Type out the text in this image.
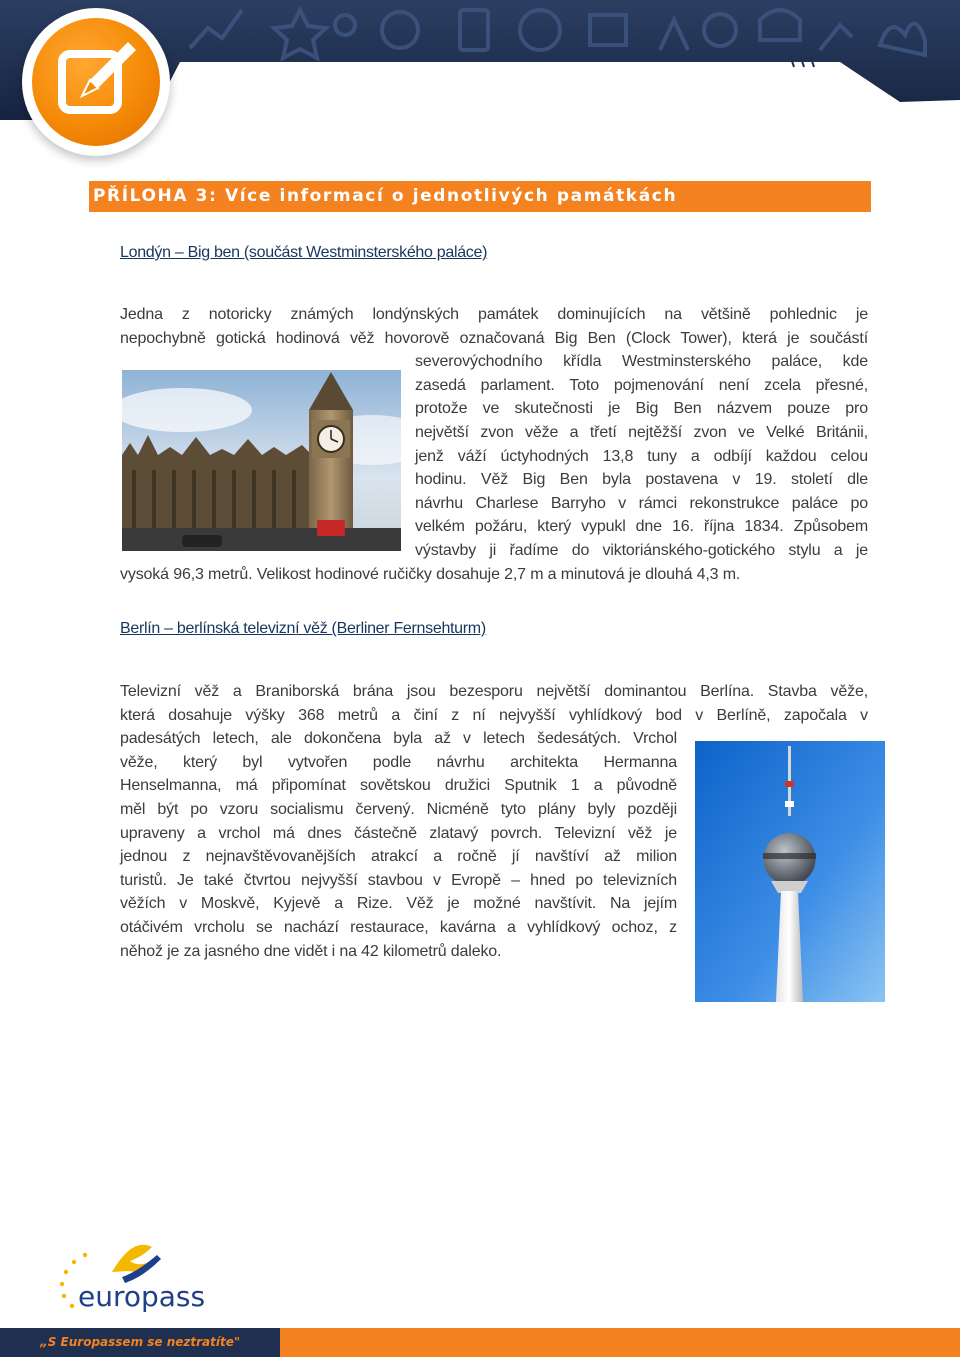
PŘÍLOHA 3: Více informací o jednotlivých památkách
Londýn – Big ben (součást Westminsterského paláce)
Jedna z notoricky známých londýnských památek dominujících na většině pohlednic je
nepochybně gotická hodinová věž hovorově označovaná Big Ben (Clock Tower), která je součástí
severovýchodního křídla Westminsterského paláce, kde
zasedá parlament. Toto pojmenování není zcela přesné,
protože ve skutečnosti je Big Ben názvem pouze pro
největší zvon věže a třetí nejtěžší zvon ve Velké Británii,
jenž váží úctyhodných 13,8 tuny a odbíjí každou celou
hodinu. Věž Big Ben byla postavena v 19. století dle
návrhu Charlese Barryho v rámci rekonstrukce paláce po
velkém požáru, který vypukl dne 16. října 1834. Způsobem
výstavby ji řadíme do viktoriánského-gotického stylu a je
vysoká 96,3 metrů. Velikost hodinové ručičky dosahuje 2,7 m a minutová je dlouhá 4,3 m.
Berlín – berlínská televizní věž (Berliner Fernsehturm)
Televizní věž a Braniborská brána jsou bezesporu největší dominantou Berlína. Stavba věže,
která dosahuje výšky 368 metrů a činí z ní nejvyšší vyhlídkový bod v Berlíně, započala v
padesátých letech, ale dokončena byla až v letech šedesátých. Vrchol
věže, který byl vytvořen podle návrhu architekta Hermanna
Henselmanna, má připomínat sovětskou družici Sputnik 1 a původně
měl být po vzoru socialismu červený. Nicméně tyto plány byly později
upraveny a vrchol má dnes částečně zlatavý povrch. Televizní věž je
jednou z nejnavštěvovanějších atrakcí a ročně jí navštíví až milion
turistů. Je také čtvrtou nejvyšší stavbou v Evropě – hned po televizních
věžích v Moskvě, Kyjevě a Rize. Věž je možné navštívit. Na jejím
otáčivém vrcholu se nachází restaurace, kavárna a vyhlídkový ochoz, z
něhož je za jasného dne vidět i na 42 kilometrů daleko.
europass
„S Europassem se neztratíte"
